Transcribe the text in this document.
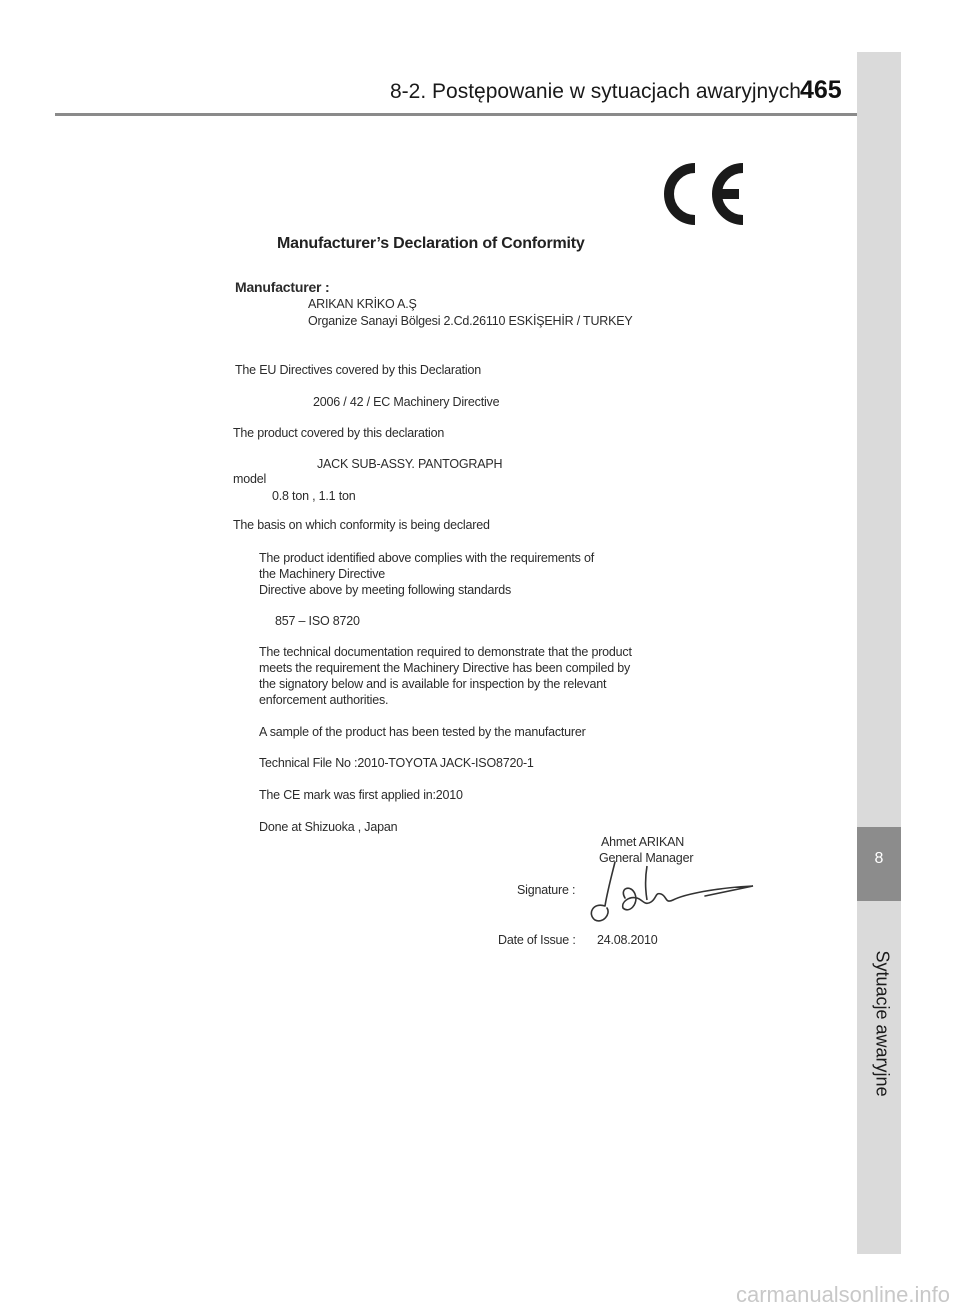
8-2. Postępowanie w sytuacjach awaryjnych 465
8
Sytuacje awaryjne
Manufacturer’s Declaration of Conformity
Manufacturer :
ARIKAN KRİKO A.Ş
Organize Sanayi Bölgesi 2.Cd.26110 ESKİŞEHİR / TURKEY
The EU Directives covered by this Declaration
2006 / 42 / EC Machinery Directive
The product covered by this declaration
JACK SUB-ASSY. PANTOGRAPH
model
0.8 ton , 1.1 ton
The basis on which conformity is being declared
The product identified above complies with the requirements of
the Machinery Directive
Directive above by meeting following standards
857 – ISO 8720
The technical documentation required to demonstrate that the product
meets the requirement the Machinery Directive has been compiled by
the signatory below and is available for inspection by the relevant
enforcement authorities.
A sample of the product has been tested by the manufacturer
Technical File No :2010-TOYOTA JACK-ISO8720-1
The CE mark was first applied in:2010
Done at Shizuoka , Japan
Ahmet ARIKAN
General Manager
Signature :
Date of Issue : 24.08.2010
carmanualsonline.info
